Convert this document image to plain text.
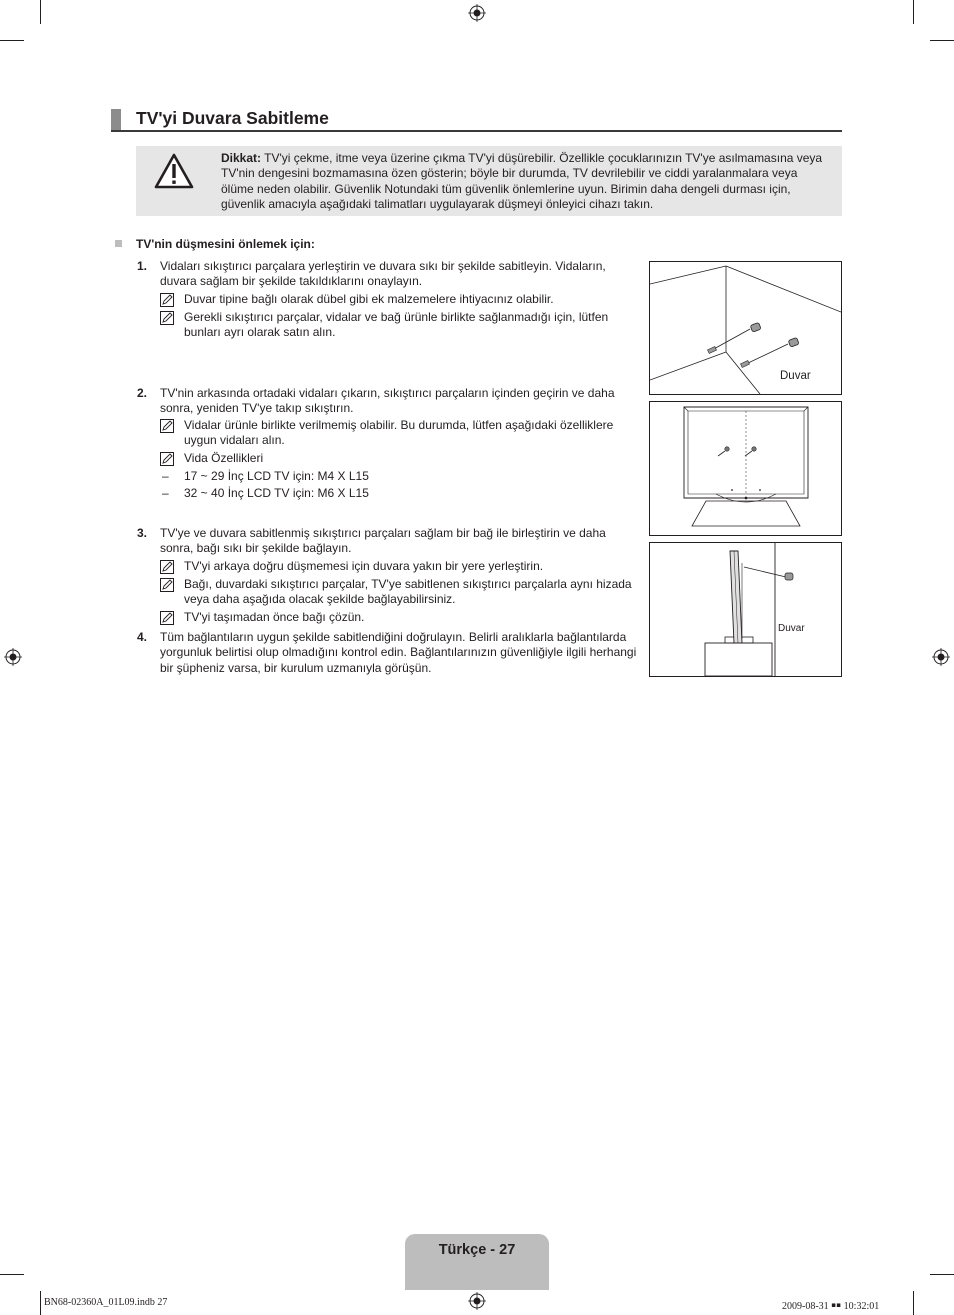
TV'yi Duvara Sabitleme
Dikkat: TV'yi çekme, itme veya üzerine çıkma TV'yi düşürebilir. Özellikle çocuklarınızın TV'ye asılmamasına veya TV'nin dengesini bozmamasına özen gösterin; böyle bir durumda, TV devrilebilir ve ciddi yaralanmalara veya ölüme neden olabilir. Güvenlik Notundaki tüm güvenlik önlemlerine uyun. Birimin daha dengeli durması için, güvenlik amacıyla aşağıdaki talimatları uygulayarak düşmeyi önleyici cihazı takın.
TV'nin düşmesini önlemek için:
1. Vidaları sıkıştırıcı parçalara yerleştirin ve duvara sıkı bir şekilde sabitleyin. Vidaların, duvara sağlam bir şekilde takıldıklarını onaylayın.
Duvar tipine bağlı olarak dübel gibi ek malzemelere ihtiyacınız olabilir.
Gerekli sıkıştırıcı parçalar, vidalar ve bağ ürünle birlikte sağlanmadığı için, lütfen bunları ayrı olarak satın alın.
2. TV'nin arkasında ortadaki vidaları çıkarın, sıkıştırıcı parçaların içinden geçirin ve daha sonra, yeniden TV'ye takıp sıkıştırın.
Vidalar ürünle birlikte verilmemiş olabilir. Bu durumda, lütfen aşağıdaki özelliklere uygun vidaları alın.
Vida Özellikleri
– 17 ~ 29 İnç LCD TV için: M4 X L15
– 32 ~ 40 İnç LCD TV için: M6 X L15
3. TV'ye ve duvara sabitlenmiş sıkıştırıcı parçaları sağlam bir bağ ile birleştirin ve daha sonra, bağı sıkı bir şekilde bağlayın.
TV'yi arkaya doğru düşmemesi için duvara yakın bir yere yerleştirin.
Bağı, duvardaki sıkıştırıcı parçalar, TV'ye sabitlenen sıkıştırıcı parçalarla aynı hizada veya daha aşağıda olacak şekilde bağlayabilirsiniz.
TV'yi taşımadan önce bağı çözün.
4. Tüm bağlantıların uygun şekilde sabitlendiğini doğrulayın. Belirli aralıklarla bağlantılarda yorgunluk belirtisi olup olmadığını kontrol edin. Bağlantılarınızın güvenliğiyle ilgili herhangi bir şüpheniz varsa, bir kurulum uzmanıyla görüşün.
Duvar
Duvar
Türkçe - 27
BN68-02360A_01L09.indb 27	2009-08-31 ￭￭ 10:32:01
